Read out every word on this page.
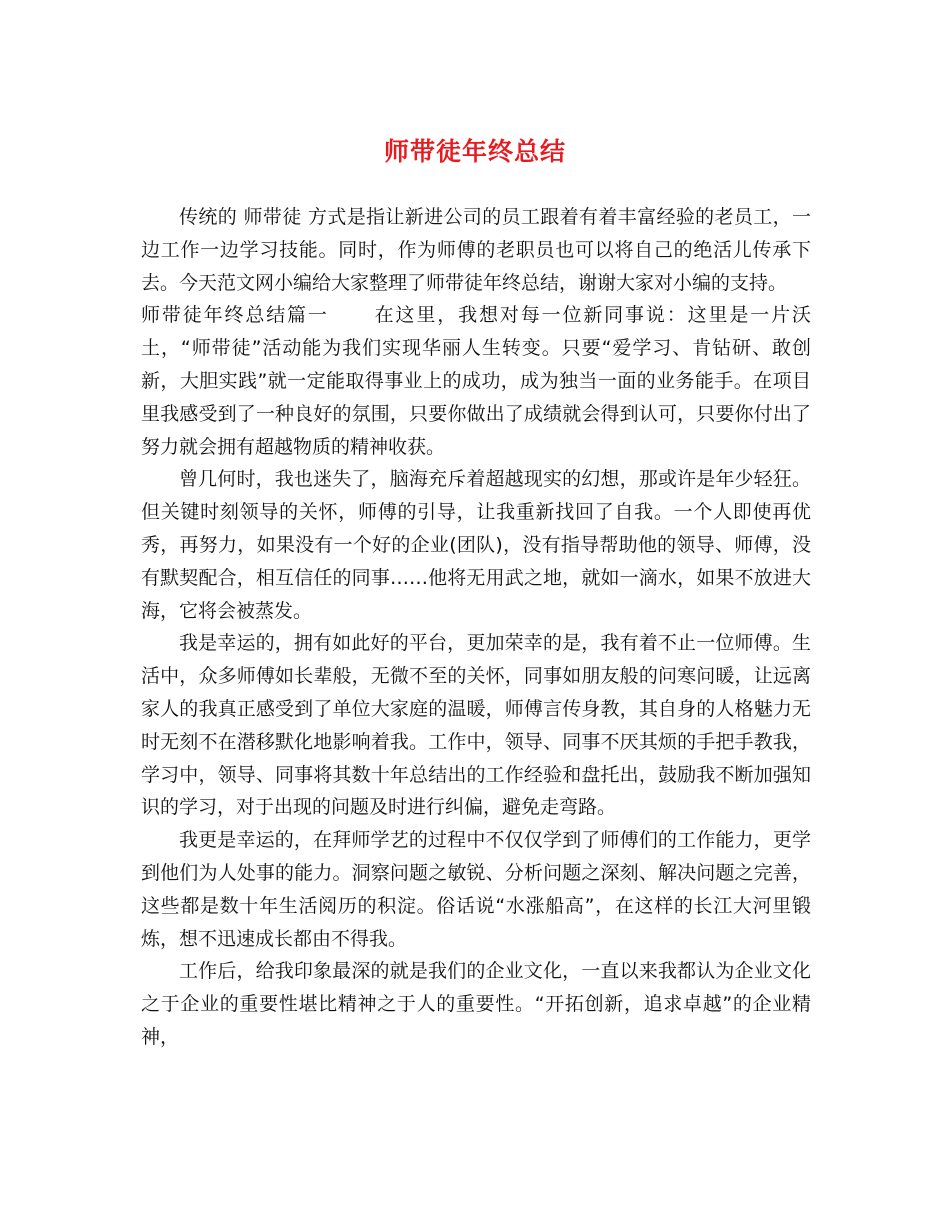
师带徒年终总结

传统的 师带徒 方式是指让新进公司的员工跟着有着丰富经验的老员工，一边工作一边学习技能。同时，作为师傅的老职员也可以将自己的绝活儿传承下去。今天范文网小编给大家整理了师带徒年终总结，谢谢大家对小编的支持。

师带徒年终总结篇一 在这里，我想对每一位新同事说：这里是一片沃土，“师带徒”活动能为我们实现华丽人生转变。只要“爱学习、肯钻研、敢创新，大胆实践”就一定能取得事业上的成功，成为独当一面的业务能手。在项目里我感受到了一种良好的氛围，只要你做出了成绩就会得到认可，只要你付出了努力就会拥有超越物质的精神收获。

曾几何时，我也迷失了，脑海充斥着超越现实的幻想，那或许是年少轻狂。但关键时刻领导的关怀，师傅的引导，让我重新找回了自我。一个人即使再优秀，再努力，如果没有一个好的企业(团队)，没有指导帮助他的领导、师傅，没有默契配合，相互信任的同事……他将无用武之地，就如一滴水，如果不放进大海，它将会被蒸发。

我是幸运的，拥有如此好的平台，更加荣幸的是，我有着不止一位师傅。生活中，众多师傅如长辈般，无微不至的关怀，同事如朋友般的问寒问暖，让远离家人的我真正感受到了单位大家庭的温暖，师傅言传身教，其自身的人格魅力无时无刻不在潜移默化地影响着我。工作中，领导、同事不厌其烦的手把手教我，学习中，领导、同事将其数十年总结出的工作经验和盘托出，鼓励我不断加强知识的学习，对于出现的问题及时进行纠偏，避免走弯路。

我更是幸运的，在拜师学艺的过程中不仅仅学到了师傅们的工作能力，更学到他们为人处事的能力。洞察问题之敏锐、分析问题之深刻、解决问题之完善，这些都是数十年生活阅历的积淀。俗话说“水涨船高”，在这样的长江大河里锻炼，想不迅速成长都由不得我。

工作后，给我印象最深的就是我们的企业文化，一直以来我都认为企业文化之于企业的重要性堪比精神之于人的重要性。“开拓创新，追求卓越”的企业精神，
